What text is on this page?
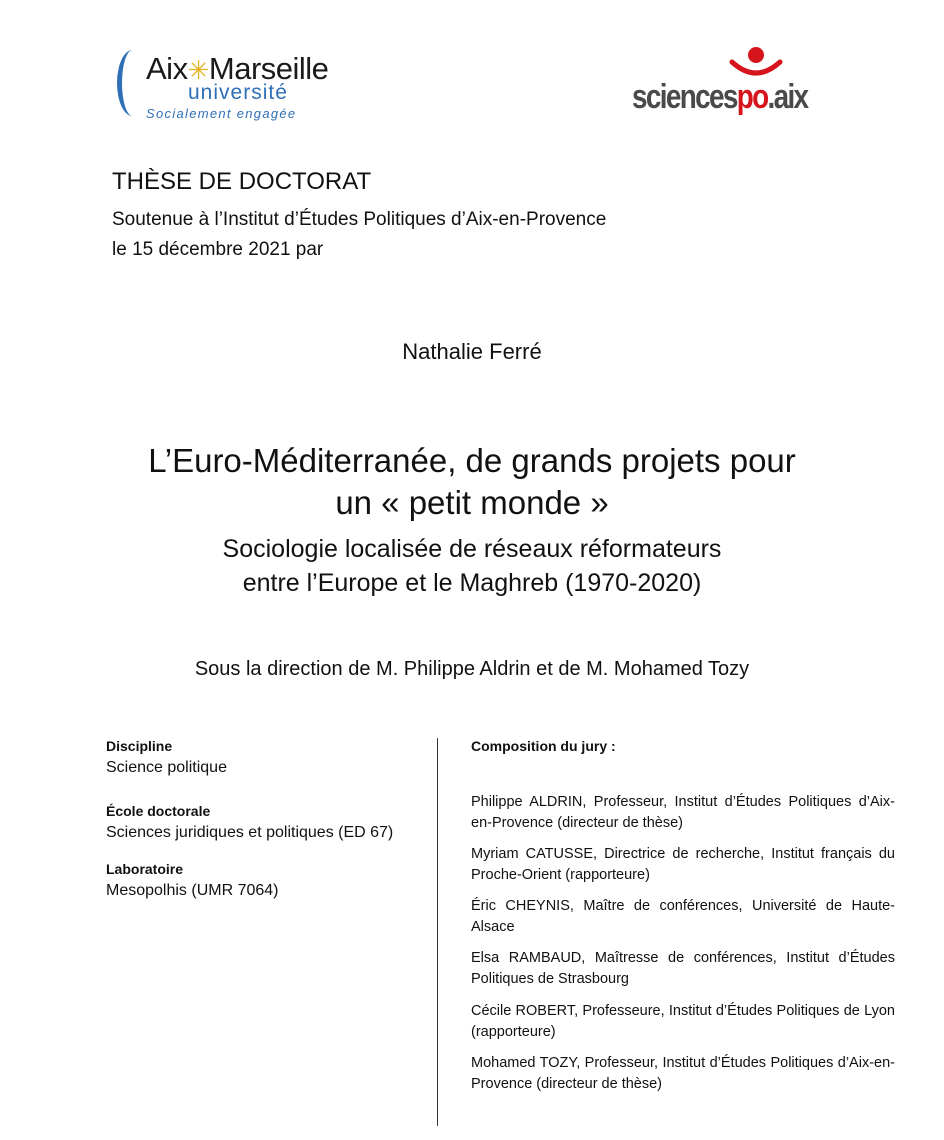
Aix✳Marseille
université
Socialement engagée	sciencespo.aix
THÈSE DE DOCTORAT
Soutenue à l’Institut d’Études Politiques d’Aix-en-Provence
le 15 décembre 2021 par
Nathalie Ferré
L’Euro-Méditerranée, de grands projets pour
un « petit monde »
Sociologie localisée de réseaux réformateurs
entre l’Europe et le Maghreb (1970-2020)
Sous la direction de M. Philippe Aldrin et de M. Mohamed Tozy
Discipline
Science politique
École doctorale
Sciences juridiques et politiques (ED 67)
Laboratoire
Mesopolhis (UMR 7064)
Composition du jury :
Philippe ALDRIN, Professeur, Institut d’Études Politiques d’Aix-en-Provence (directeur de thèse)
Myriam CATUSSE, Directrice de recherche, Institut français du Proche-Orient (rapporteure)
Éric CHEYNIS, Maître de conférences, Université de Haute-Alsace
Elsa RAMBAUD, Maîtresse de conférences, Institut d’Études Politiques de Strasbourg
Cécile ROBERT, Professeure, Institut d’Études Politiques de Lyon (rapporteure)
Mohamed TOZY, Professeur, Institut d’Études Politiques d’Aix-en-Provence (directeur de thèse)
